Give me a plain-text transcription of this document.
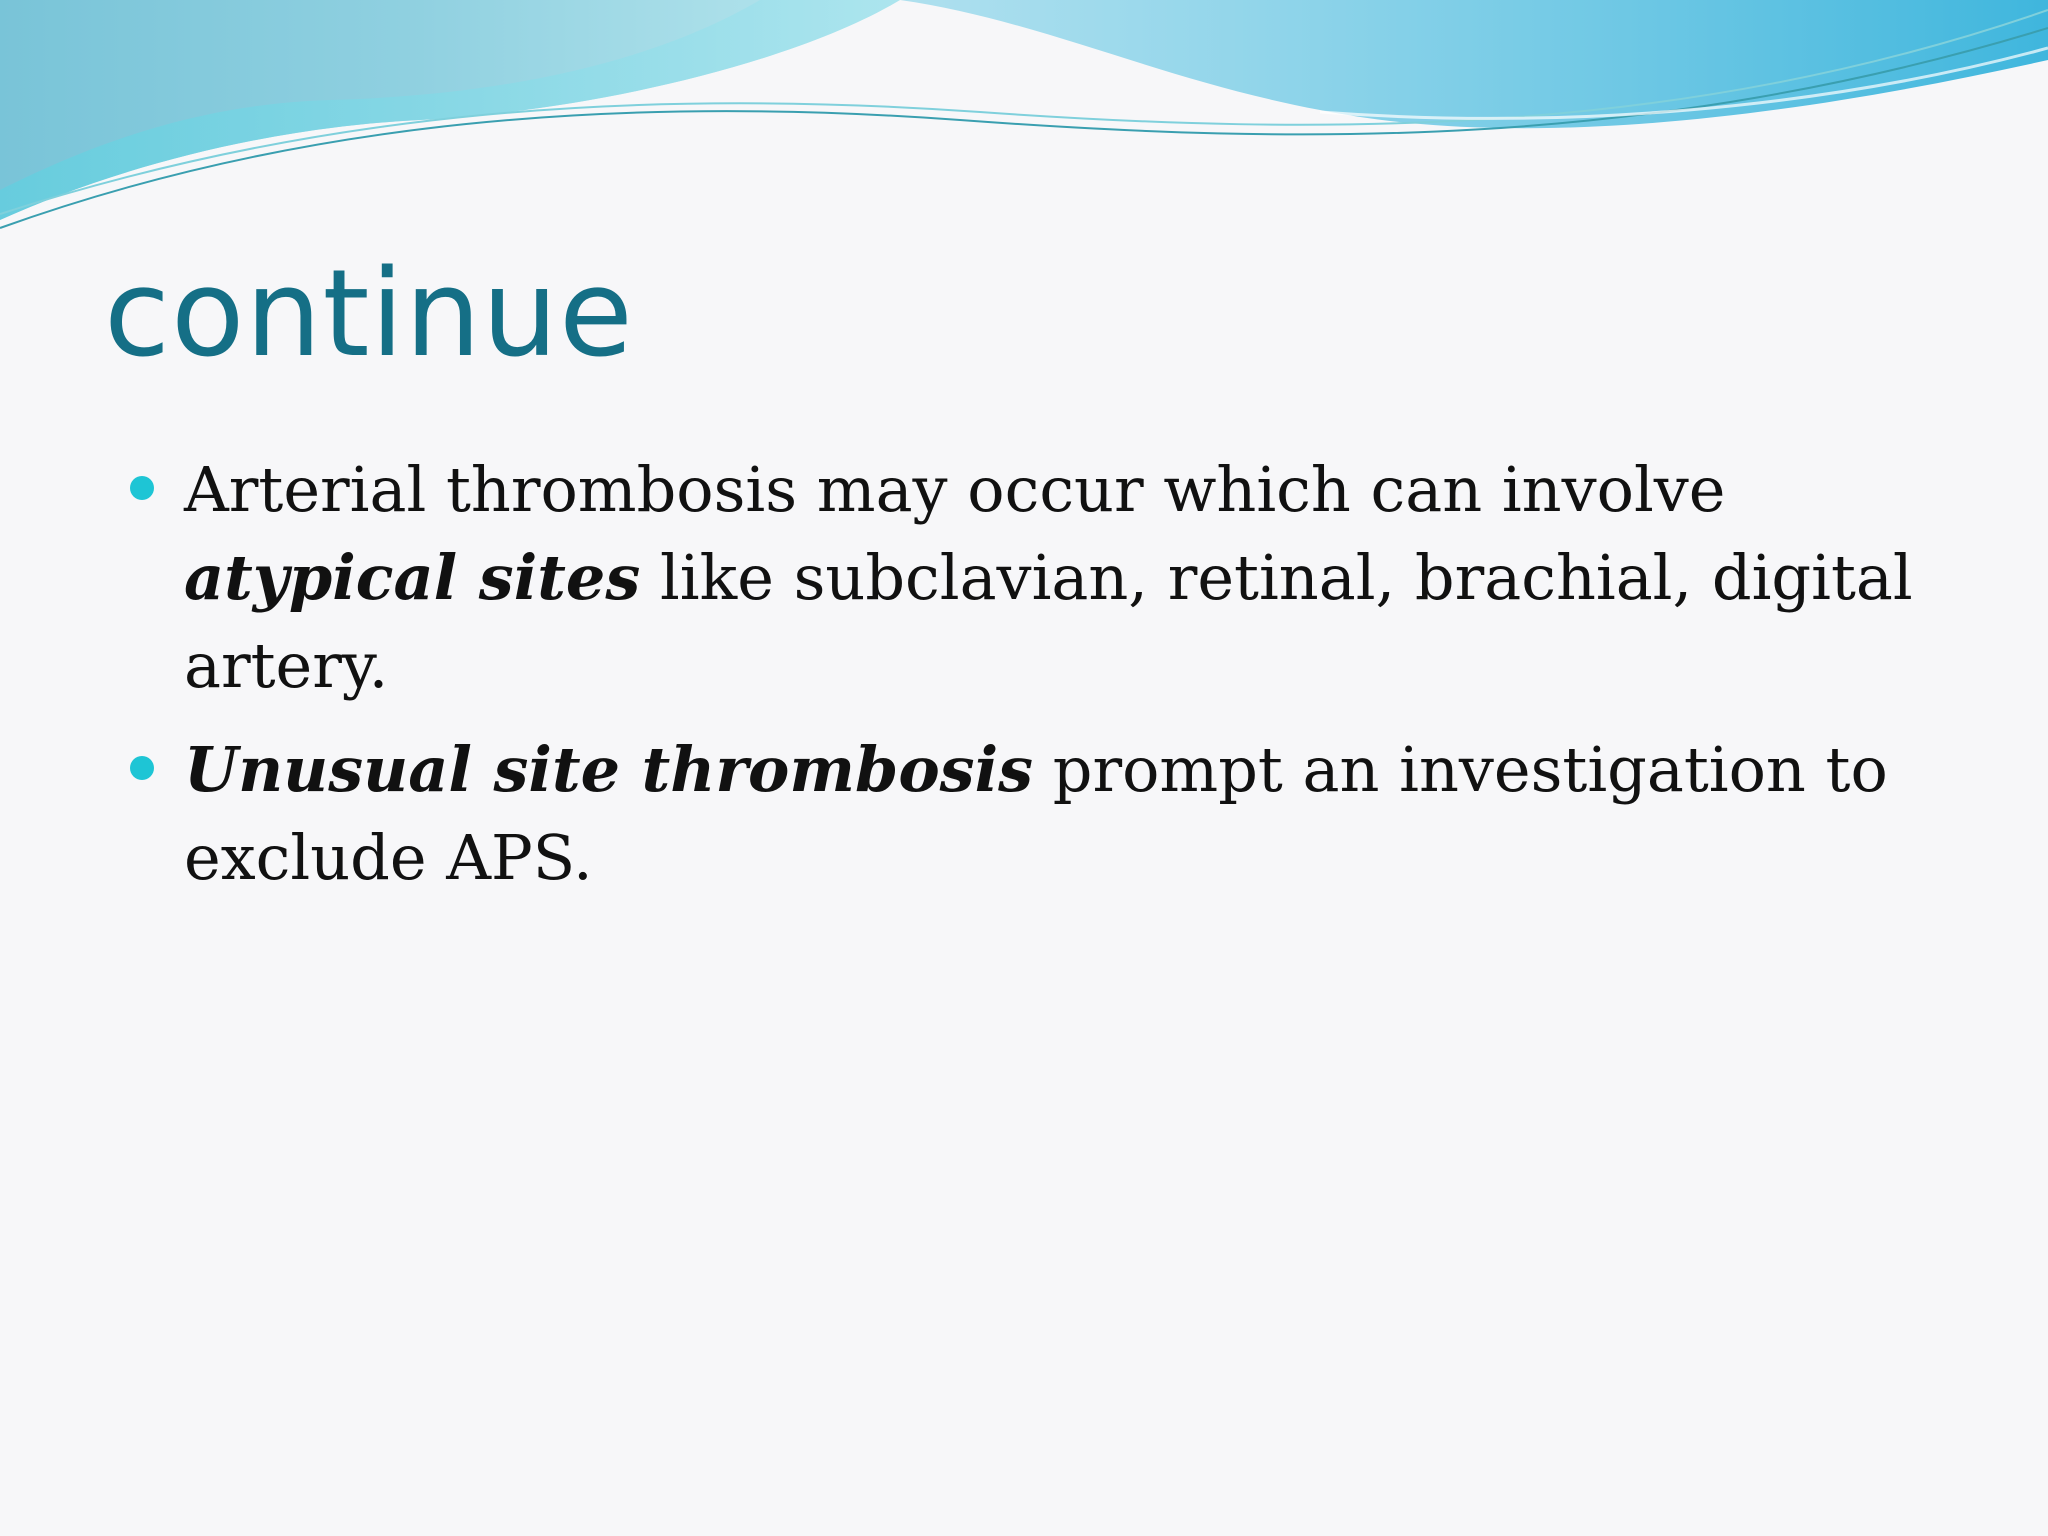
continue
Arterial thrombosis may occur which can involve atypical sites like subclavian, retinal, brachial, digital artery.
Unusual site thrombosis prompt an investigation to exclude APS.
